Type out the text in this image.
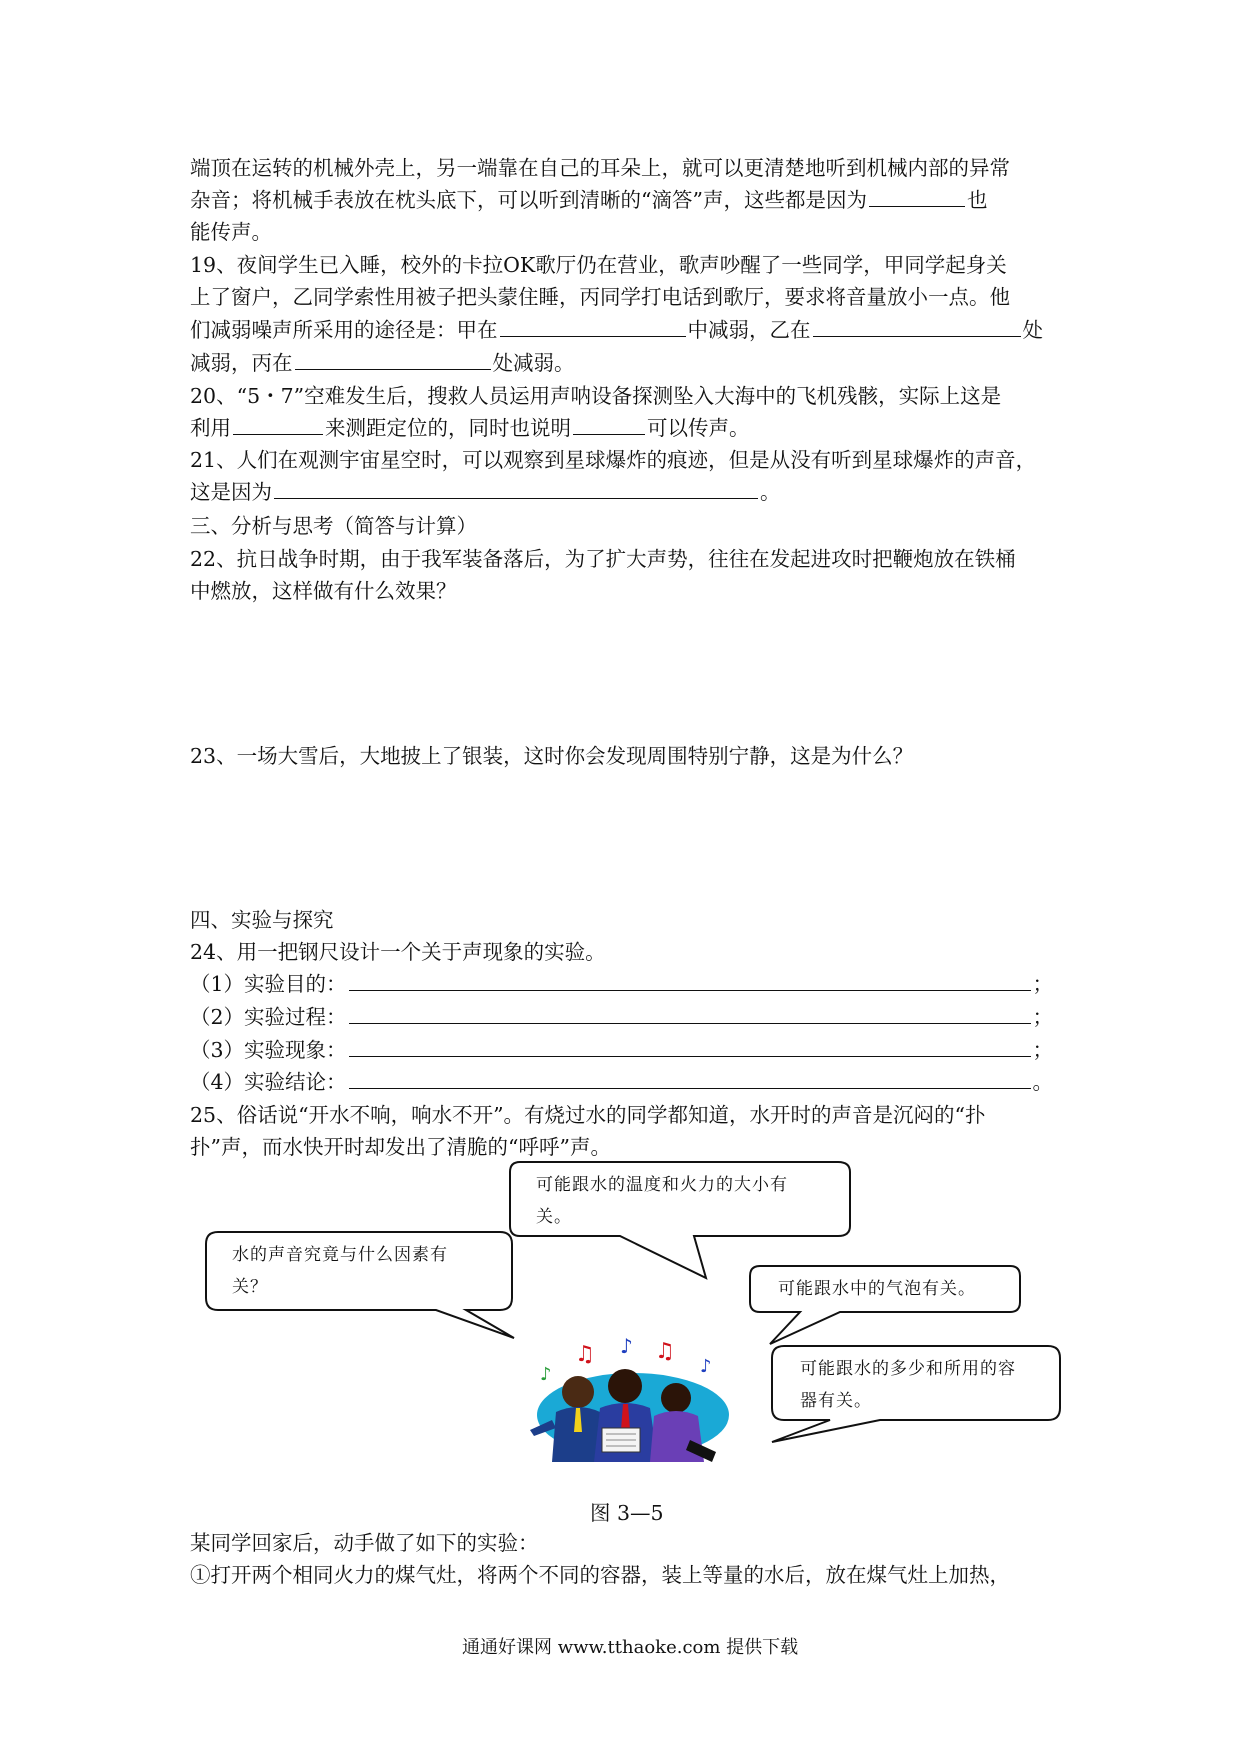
端顶在运转的机械外壳上，另一端靠在自己的耳朵上，就可以更清楚地听到机械内部的异常
杂音；将机械手表放在枕头底下，可以听到清晰的“滴答”声，这些都是因为	也
能传声。
19、夜间学生已入睡，校外的卡拉OK歌厅仍在营业，歌声吵醒了一些同学，甲同学起身关
上了窗户，乙同学索性用被子把头蒙住睡，丙同学打电话到歌厅，要求将音量放小一点。他
们减弱噪声所采用的途径是：甲在	中减弱，乙在	处
减弱，丙在	处减弱。
20、“5・7”空难发生后，搜救人员运用声呐设备探测坠入大海中的飞机残骸，实际上这是
利用	来测距定位的，同时也说明	可以传声。
21、人们在观测宇宙星空时，可以观察到星球爆炸的痕迹，但是从没有听到星球爆炸的声音，
这是因为	。
三、分析与思考（简答与计算）
22、抗日战争时期，由于我军装备落后，为了扩大声势，往往在发起进攻时把鞭炮放在铁桶
中燃放，这样做有什么效果？
23、一场大雪后，大地披上了银装，这时你会发现周围特别宁静，这是为什么？
四、实验与探究
24、用一把钢尺设计一个关于声现象的实验。
（1）实验目的：	；
（2）实验过程：	；
（3）实验现象：	；
（4）实验结论：	。
25、俗话说“开水不响，响水不开”。有烧过水的同学都知道，水开时的声音是沉闷的“扑
扑”声，而水快开时却发出了清脆的“呼呼”声。
♫ ♪ ♫
♪	♪
可能跟水的温度和火力的大小有
关。
水的声音究竟与什么因素有
关？	可能跟水中的气泡有关。
可能跟水的多少和所用的容
器有关。
图 3—5
某同学回家后，动手做了如下的实验：
①打开两个相同火力的煤气灶，将两个不同的容器，装上等量的水后，放在煤气灶上加热，
通通好课网 www.tthaoke.com 提供下载
